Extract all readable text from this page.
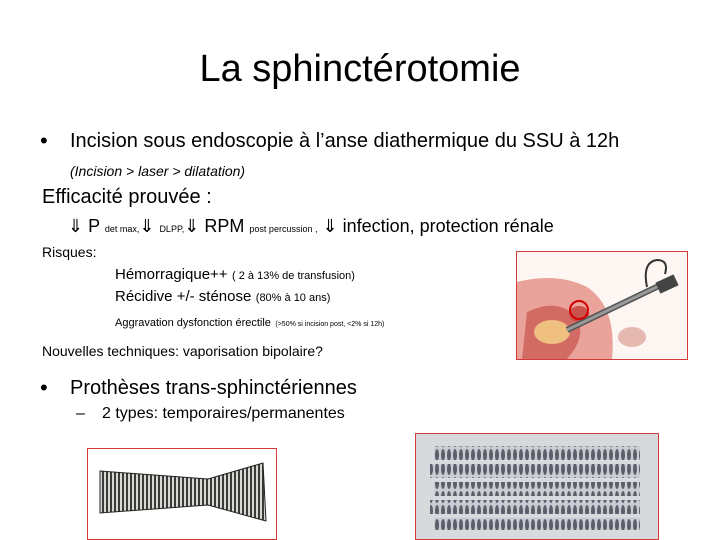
La sphinctérotomie
• Incision sous endoscopie à l’anse diathermique du SSU à 12h
(Incision > laser > dilatation)
Efficacité prouvée :
⇓ P det max,⇓ DLPP,⇓ RPM post percussion , ⇓ infection, protection rénale
Risques:
Hémorragique++ ( 2 à 13% de transfusion)
Récidive +/- sténose (80% à 10 ans)
Aggravation dysfonction érectile (>50% si incision post, <2% si 12h)
Nouvelles techniques: vaporisation bipolaire?
• Prothèses trans-sphinctériennes
– 2 types: temporaires/permanentes
